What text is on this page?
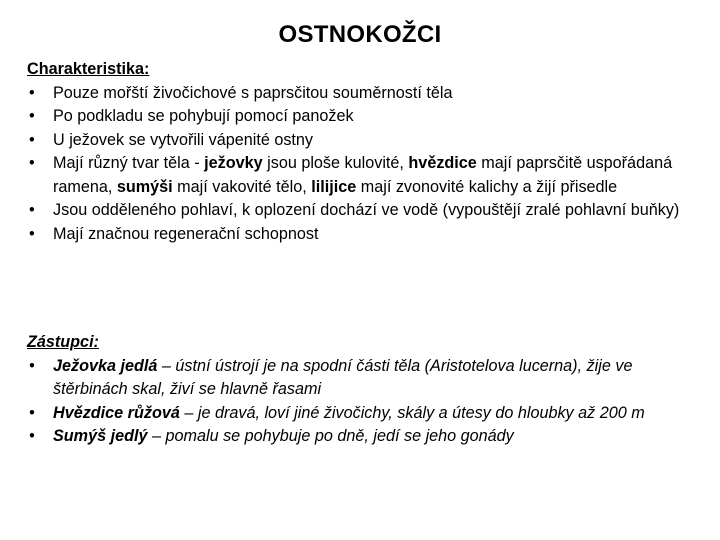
OSTNOKOŽCI
Charakteristika:
• Pouze mořští živočichové s paprsčitou souměrností těla
• Po podkladu se pohybují pomocí panožek
• U ježovek se vytvořili vápenité ostny
• Mají různý tvar těla - ježovky jsou ploše kulovité, hvězdice mají paprsčitě uspořádaná ramena, sumýši mají vakovité tělo, lilijice mají zvonovité kalichy a žijí přisedle
• Jsou odděleného pohlaví, k oplození dochází ve vodě (vypouštějí zralé pohlavní buňky)
• Mají značnou regenerační schopnost
Zástupci:
• Ježovka jedlá – ústní ústrojí je na spodní části těla (Aristotelova lucerna), žije ve štěrbinách skal, živí se hlavně řasami
• Hvězdice růžová – je dravá, loví jiné živočichy, skály a útesy do hloubky až 200 m
• Sumýš jedlý – pomalu se pohybuje po dně, jedí se jeho gonády
